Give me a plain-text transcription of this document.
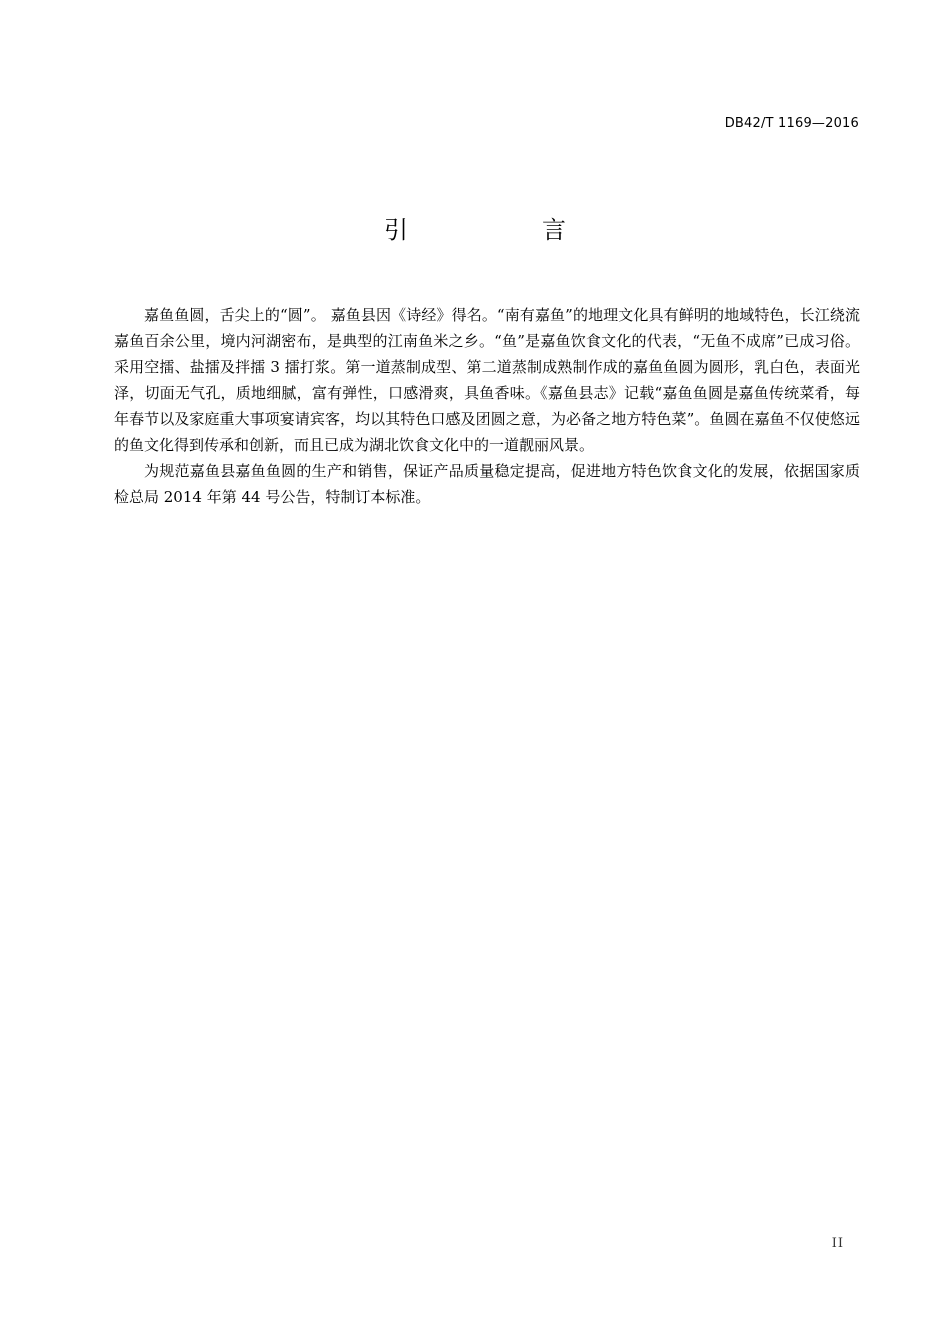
DB42/T 1169—2016
引　言

嘉鱼鱼圆，舌尖上的“圆”。 嘉鱼县因《诗经》得名。“南有嘉鱼”的地理文化具有鲜明的地域特色，长江绕流嘉鱼百余公里，境内河湖密布，是典型的江南鱼米之乡。“鱼”是嘉鱼饮食文化的代表，“无鱼不成席”已成习俗。采用空擂、盐擂及拌擂 3 擂打浆。第一道蒸制成型、第二道蒸制成熟制作成的嘉鱼鱼圆为圆形，乳白色，表面光泽，切面无气孔，质地细腻，富有弹性，口感滑爽，具鱼香味。《嘉鱼县志》记载“嘉鱼鱼圆是嘉鱼传统菜肴，每年春节以及家庭重大事项宴请宾客，均以其特色口感及团圆之意，为必备之地方特色菜”。鱼圆在嘉鱼不仅使悠远的鱼文化得到传承和创新，而且已成为湖北饮食文化中的一道靓丽风景。

为规范嘉鱼县嘉鱼鱼圆的生产和销售，保证产品质量稳定提高，促进地方特色饮食文化的发展，依据国家质检总局 2014 年第 44 号公告，特制订本标准。

II
